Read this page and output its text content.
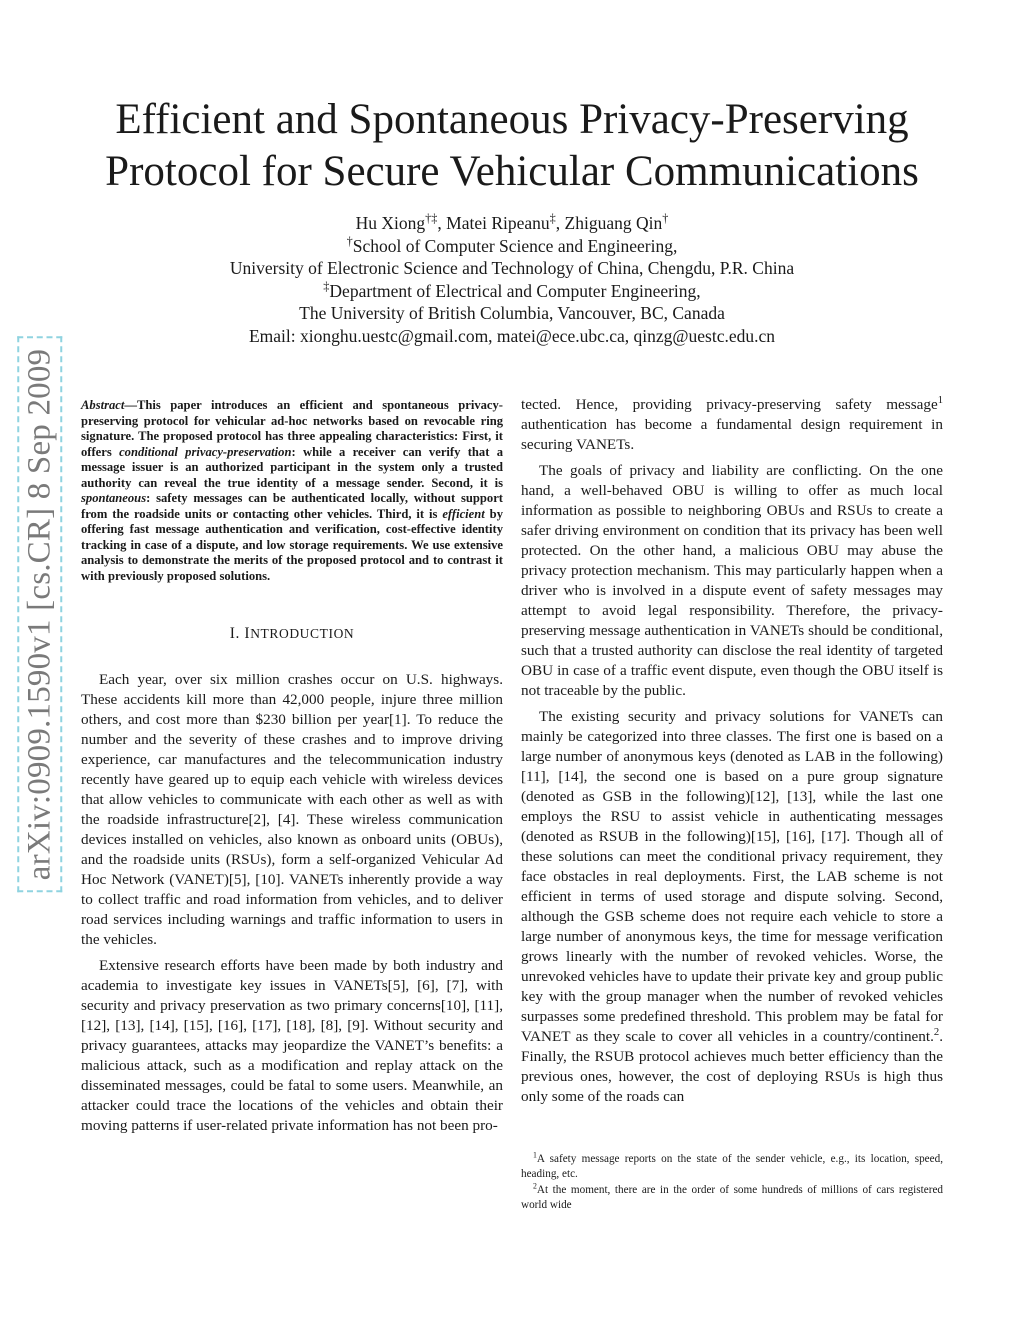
arXiv:0909.1590v1 [cs.CR] 8 Sep 2009
Efficient and Spontaneous Privacy-Preserving Protocol for Secure Vehicular Communications
Hu Xiong†‡, Matei Ripeanu‡, Zhiguang Qin†
†School of Computer Science and Engineering,
University of Electronic Science and Technology of China, Chengdu, P.R. China
‡Department of Electrical and Computer Engineering,
The University of British Columbia, Vancouver, BC, Canada
Email: xionghu.uestc@gmail.com, matei@ece.ubc.ca, qinzg@uestc.edu.cn
Abstract—This paper introduces an efficient and spontaneous privacy-preserving protocol for vehicular ad-hoc networks based on revocable ring signature. The proposed protocol has three appealing characteristics: First, it offers conditional privacy-preservation: while a receiver can verify that a message issuer is an authorized participant in the system only a trusted authority can reveal the true identity of a message sender. Second, it is spontaneous: safety messages can be authenticated locally, without support from the roadside units or contacting other vehicles. Third, it is efficient by offering fast message authentication and verification, cost-effective identity tracking in case of a dispute, and low storage requirements. We use extensive analysis to demonstrate the merits of the proposed protocol and to contrast it with previously proposed solutions.
I. INTRODUCTION

Each year, over six million crashes occur on U.S. highways. These accidents kill more than 42,000 people, injure three million others, and cost more than $230 billion per year[1]. To reduce the number and the severity of these crashes and to improve driving experience, car manufactures and the telecommunication industry recently have geared up to equip each vehicle with wireless devices that allow vehicles to communicate with each other as well as with the roadside infrastructure[2], [4]. These wireless communication devices installed on vehicles, also known as onboard units (OBUs), and the roadside units (RSUs), form a self-organized Vehicular Ad Hoc Network (VANET)[5], [10]. VANETs inherently provide a way to collect traffic and road information from vehicles, and to deliver road services including warnings and traffic information to users in the vehicles.

Extensive research efforts have been made by both industry and academia to investigate key issues in VANETs[5], [6], [7], with security and privacy preservation as two primary concerns[10], [11], [12], [13], [14], [15], [16], [17], [18], [8], [9]. Without security and privacy guarantees, attacks may jeopardize the VANET’s benefits: a malicious attack, such as a modification and replay attack on the disseminated messages, could be fatal to some users. Meanwhile, an attacker could trace the locations of the vehicles and obtain their moving patterns if user-related private information has not been pro-

tected. Hence, providing privacy-preserving safety message$^1$ authentication has become a fundamental design requirement in securing VANETs.

The goals of privacy and liability are conflicting. On the one hand, a well-behaved OBU is willing to offer as much local information as possible to neighboring OBUs and RSUs to create a safer driving environment on condition that its privacy has been well protected. On the other hand, a malicious OBU may abuse the privacy protection mechanism. This may particularly happen when a driver who is involved in a dispute event of safety messages may attempt to avoid legal responsibility. Therefore, the privacy-preserving message authentication in VANETs should be conditional, such that a trusted authority can disclose the real identity of targeted OBU in case of a traffic event dispute, even though the OBU itself is not traceable by the public.

The existing security and privacy solutions for VANETs can mainly be categorized into three classes. The first one is based on a large number of anonymous keys (denoted as LAB in the following)[11], [14], the second one is based on a pure group signature (denoted as GSB in the following)[12], [13], while the last one employs the RSU to assist vehicle in authenticating messages (denoted as RSUB in the following)[15], [16], [17]. Though all of these solutions can meet the conditional privacy requirement, they face obstacles in real deployments. First, the LAB scheme is not efficient in terms of used storage and dispute solving. Second, although the GSB scheme does not require each vehicle to store a large number of anonymous keys, the time for message verification grows linearly with the number of revoked vehicles. Worse, the unrevoked vehicles have to update their private key and group public key with the group manager when the number of revoked vehicles surpasses some predefined threshold. This problem may be fatal for VANET as they scale to cover all vehicles in a country/continent.$^2$. Finally, the RSUB protocol achieves much better efficiency than the previous ones, however, the cost of deploying RSUs is high thus only some of the roads can

$^1$A safety message reports on the state of the sender vehicle, e.g., its location, speed, heading, etc.
$^2$At the moment, there are in the order of some hundreds of millions of cars registered world wide
